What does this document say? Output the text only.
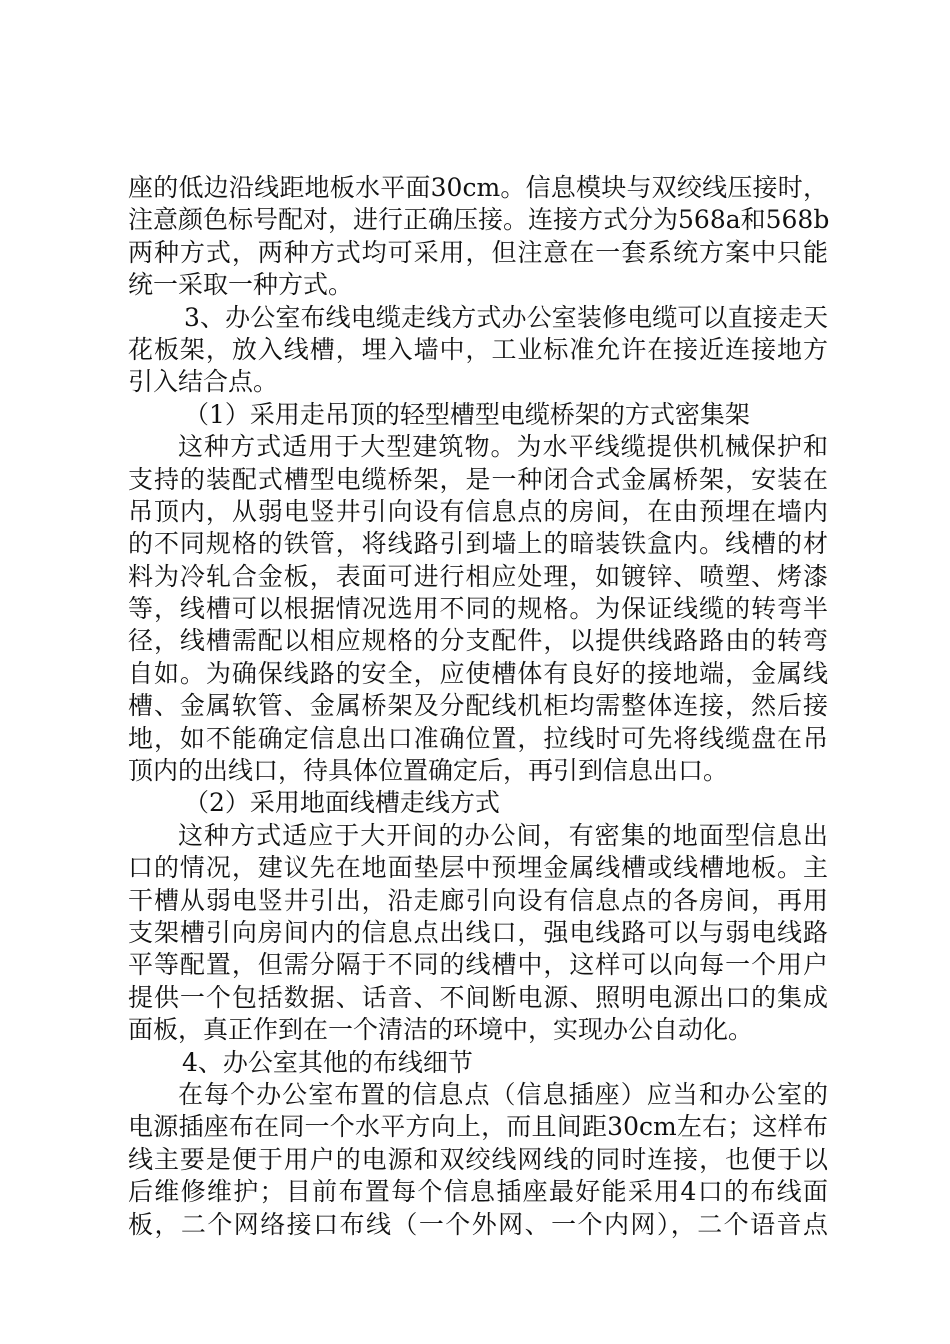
座的低边沿线距地板水平面30cm。信息模块与双绞线压接时，
注意颜色标号配对，进行正确压接。连接方式分为568a和568b
两种方式，两种方式均可采用，但注意在一套系统方案中只能
统一采取一种方式。
3、办公室布线电缆走线方式办公室装修电缆可以直接走天
花板架，放入线槽，埋入墙中，工业标准允许在接近连接地方
引入结合点。
（1）采用走吊顶的轻型槽型电缆桥架的方式密集架
这种方式适用于大型建筑物。为水平线缆提供机械保护和
支持的装配式槽型电缆桥架，是一种闭合式金属桥架，安装在
吊顶内，从弱电竖井引向设有信息点的房间，在由预埋在墙内
的不同规格的铁管，将线路引到墙上的暗装铁盒内。线槽的材
料为冷轧合金板，表面可进行相应处理，如镀锌、喷塑、烤漆
等，线槽可以根据情况选用不同的规格。为保证线缆的转弯半
径，线槽需配以相应规格的分支配件，以提供线路路由的转弯
自如。为确保线路的安全，应使槽体有良好的接地端，金属线
槽、金属软管、金属桥架及分配线机柜均需整体连接，然后接
地，如不能确定信息出口准确位置，拉线时可先将线缆盘在吊
顶内的出线口，待具体位置确定后，再引到信息出口。
（2）采用地面线槽走线方式
这种方式适应于大开间的办公间，有密集的地面型信息出
口的情况，建议先在地面垫层中预埋金属线槽或线槽地板。主
干槽从弱电竖井引出，沿走廊引向设有信息点的各房间，再用
支架槽引向房间内的信息点出线口，强电线路可以与弱电线路
平等配置，但需分隔于不同的线槽中，这样可以向每一个用户
提供一个包括数据、话音、不间断电源、照明电源出口的集成
面板，真正作到在一个清洁的环境中，实现办公自动化。
4、办公室其他的布线细节
在每个办公室布置的信息点（信息插座）应当和办公室的
电源插座布在同一个水平方向上，而且间距30cm左右；这样布
线主要是便于用户的电源和双绞线网线的同时连接，也便于以
后维修维护；目前布置每个信息插座最好能采用4口的布线面
板，二个网络接口布线（一个外网、一个内网），二个语音点
